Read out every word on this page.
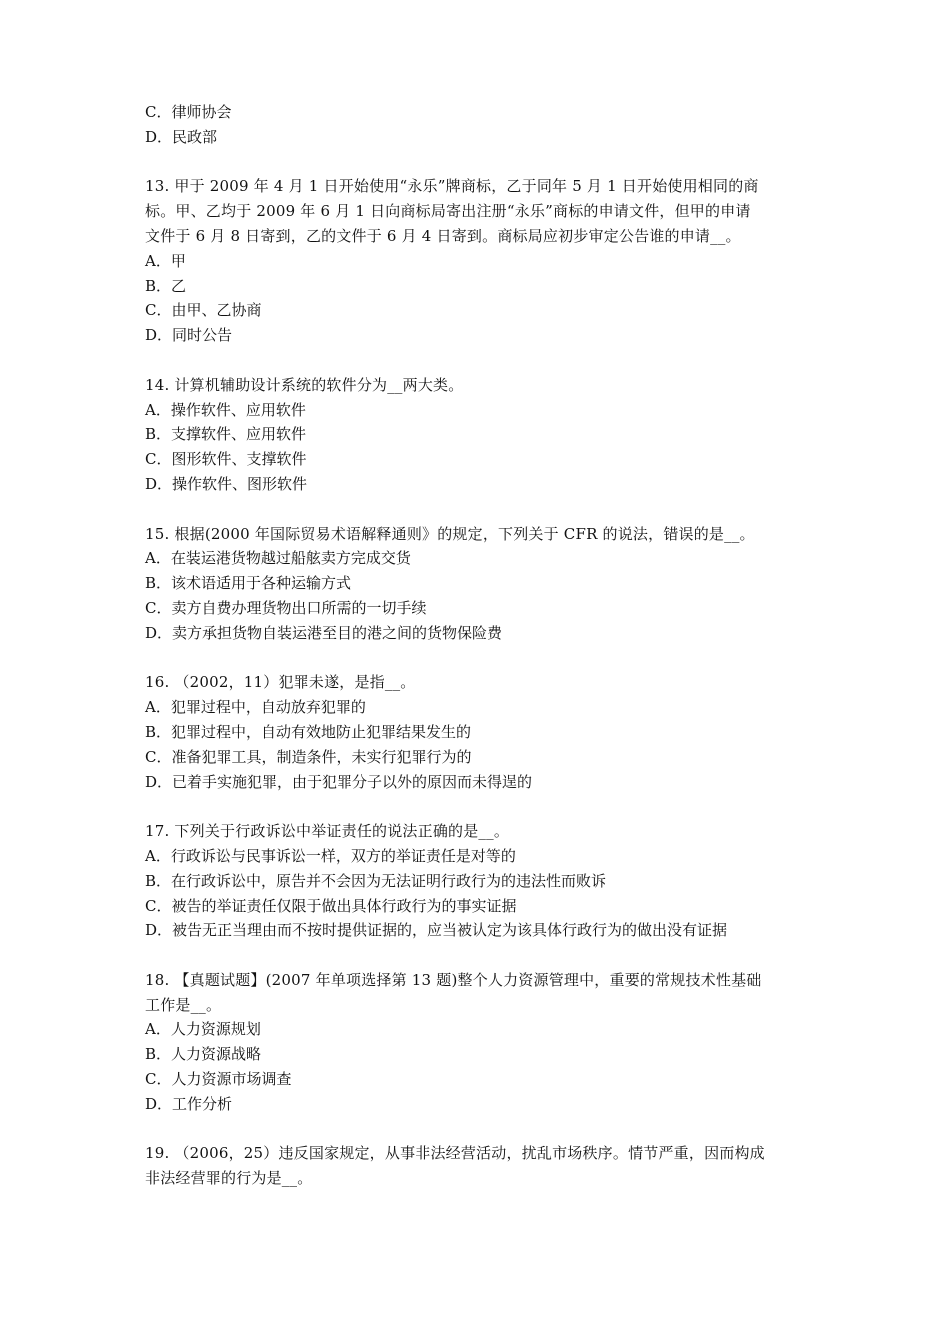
C．律师协会
D．民政部
13. 甲于 2009 年 4 月 1 日开始使用“永乐”牌商标，乙于同年 5 月 1 日开始使用相同的商
标。甲、乙均于 2009 年 6 月 1 日向商标局寄出注册“永乐”商标的申请文件，但甲的申请
文件于 6 月 8 日寄到，乙的文件于 6 月 4 日寄到。商标局应初步审定公告谁的申请__。
A．甲
B．乙
C．由甲、乙协商
D．同时公告
14. 计算机辅助设计系统的软件分为__两大类。
A．操作软件、应用软件
B．支撑软件、应用软件
C．图形软件、支撑软件
D．操作软件、图形软件
15. 根据(2000 年国际贸易术语解释通则》的规定，下列关于 CFR 的说法，错误的是__。
A．在装运港货物越过船舷卖方完成交货
B．该术语适用于各种运输方式
C．卖方自费办理货物出口所需的一切手续
D．卖方承担货物自装运港至目的港之间的货物保险费
16. （2002，11）犯罪未遂，是指__。
A．犯罪过程中，自动放弃犯罪的
B．犯罪过程中，自动有效地防止犯罪结果发生的
C．准备犯罪工具，制造条件，未实行犯罪行为的
D．已着手实施犯罪，由于犯罪分子以外的原因而未得逞的
17. 下列关于行政诉讼中举证责任的说法正确的是__。
A．行政诉讼与民事诉讼一样，双方的举证责任是对等的
B．在行政诉讼中，原告并不会因为无法证明行政行为的违法性而败诉
C．被告的举证责任仅限于做出具体行政行为的事实证据
D．被告无正当理由而不按时提供证据的，应当被认定为该具体行政行为的做出没有证据
18. 【真题试题】(2007 年单项选择第 13 题)整个人力资源管理中，重要的常规技术性基础
工作是__。
A．人力资源规划
B．人力资源战略
C．人力资源市场调查
D．工作分析
19. （2006，25）违反国家规定，从事非法经营活动，扰乱市场秩序。情节严重，因而构成
非法经营罪的行为是__。
